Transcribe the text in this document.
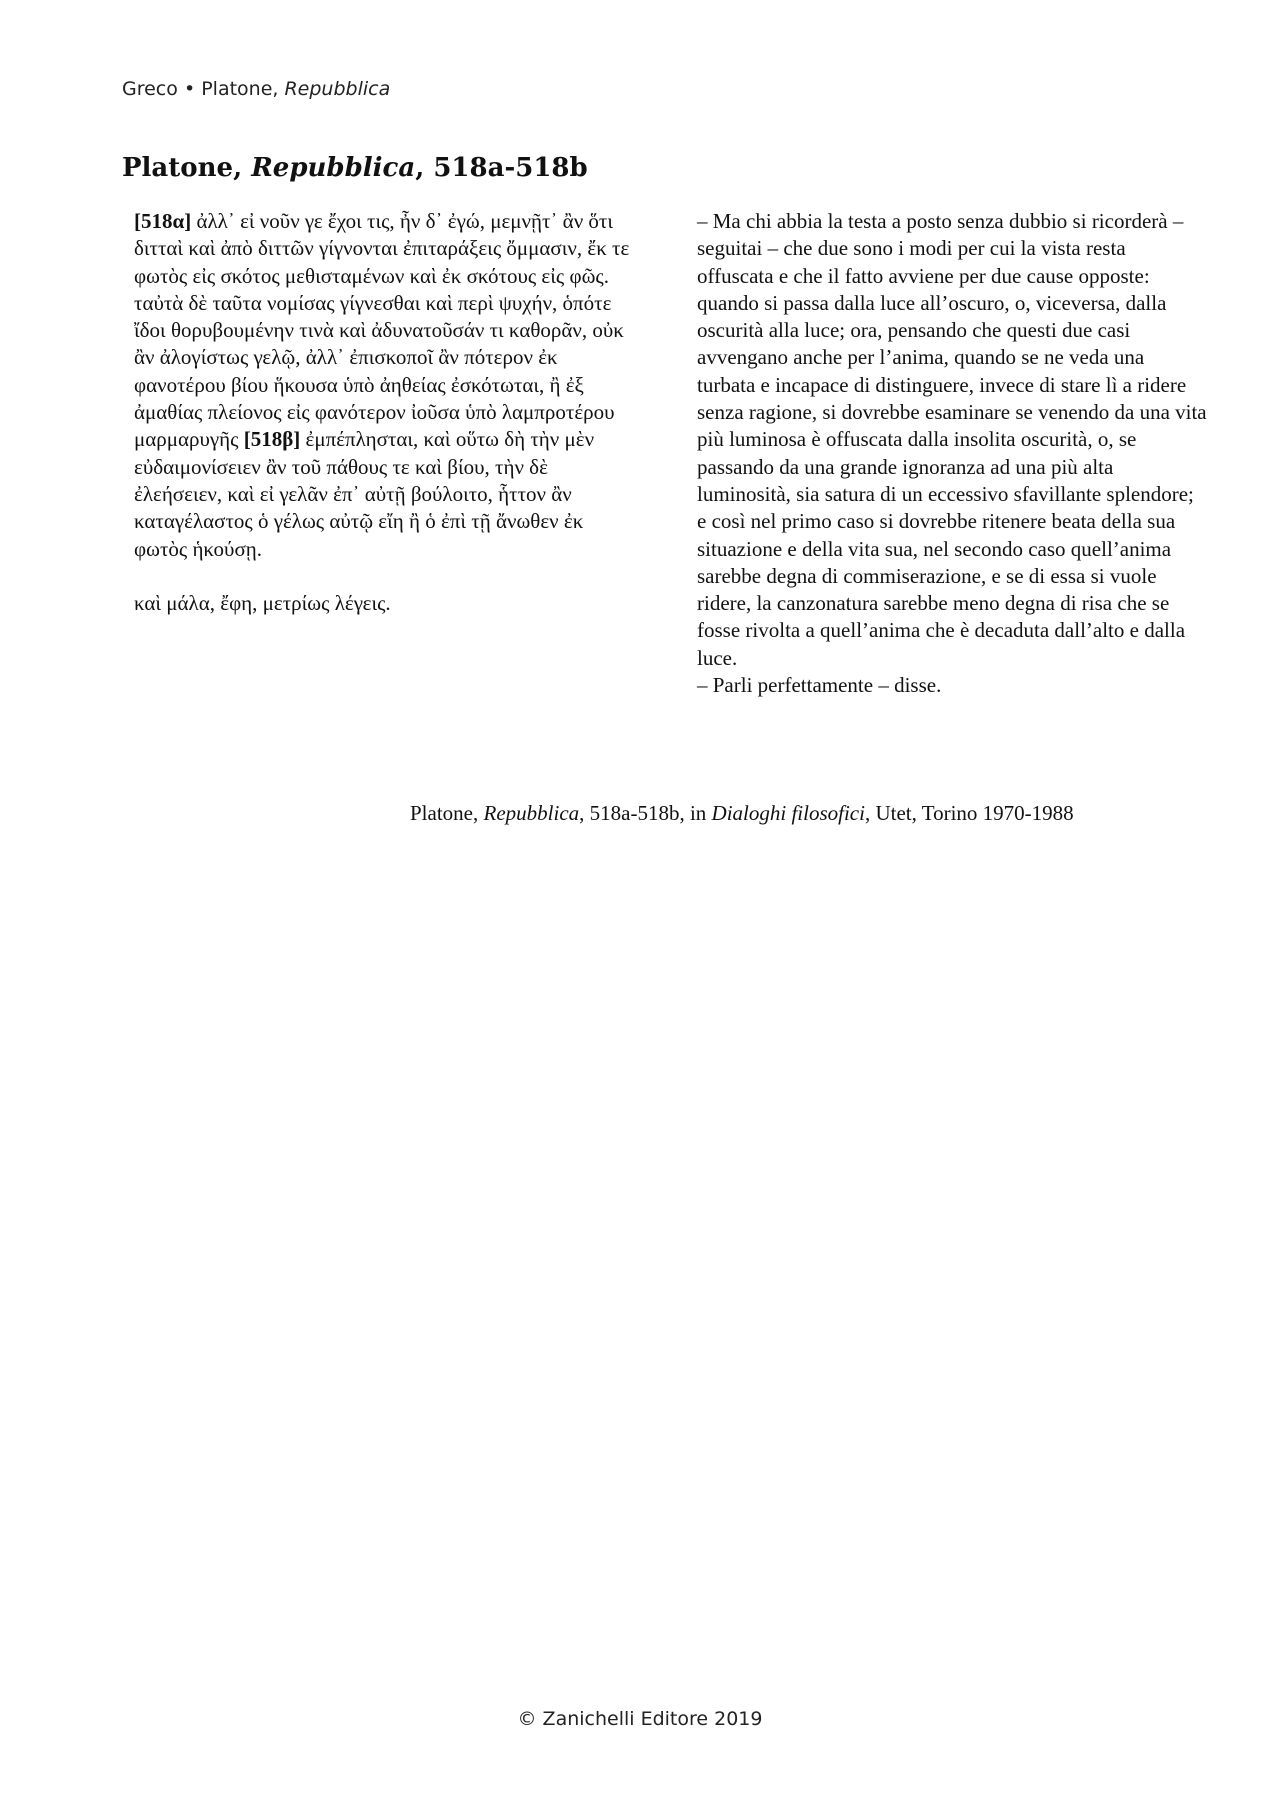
Greco • Platone, Repubblica
Platone, Repubblica, 518a-518b

[518α] ἀλλ᾽ εἰ νοῦν γε ἔχοι τις, ἦν δ᾽ ἐγώ, μεμνῇτ᾽ ἂν ὅτι διτταὶ καὶ ἀπὸ διττῶν γίγνονται ἐπιταράξεις ὄμμασιν, ἔκ τε φωτὸς εἰς σκότος μεθισταμένων καὶ ἐκ σκότους εἰς φῶς. ταὐτὰ δὲ ταῦτα νομίσας γίγνεσθαι καὶ περὶ ψυχήν, ὁπότε ἴδοι θορυβουμένην τινὰ καὶ ἀδυνατοῦσάν τι καθορᾶν, οὐκ ἂν ἀλογίστως γελῷ, ἀλλ᾽ ἐπισκοποῖ ἂν πότερον ἐκ φανοτέρου βίου ἥκουσα ὑπὸ ἀηθείας ἐσκότωται, ἢ ἐξ ἀμαθίας πλείονος εἰς φανότερον ἰοῦσα ὑπὸ λαμπροτέρου μαρμαρυγῆς [518β] ἐμπέπλησται, καὶ οὕτω δὴ τὴν μὲν εὐδαιμονίσειεν ἂν τοῦ πάθους τε καὶ βίου, τὴν δὲ ἐλεήσειεν, καὶ εἰ γελᾶν ἐπ᾽ αὐτῇ βούλοιτο, ἧττον ἂν καταγέλαστος ὁ γέλως αὐτῷ εἴη ἢ ὁ ἐπὶ τῇ ἄνωθεν ἐκ φωτὸς ἡκούσῃ.

καὶ μάλα, ἔφη, μετρίως λέγεις.

– Ma chi abbia la testa a posto senza dubbio si ricorderà – seguitai – che due sono i modi per cui la vista resta offuscata e che il fatto avviene per due cause opposte: quando si passa dalla luce all’oscuro, o, viceversa, dalla oscurità alla luce; ora, pensando che questi due casi avvengano anche per l’anima, quando se ne veda una turbata e incapace di distinguere, invece di stare lì a ridere senza ragione, si dovrebbe esaminare se venendo da una vita più luminosa è offuscata dalla insolita oscurità, o, se passando da una grande ignoranza ad una più alta luminosità, sia satura di un eccessivo sfavillante splendore; e così nel primo caso si dovrebbe ritenere beata della sua situazione e della vita sua, nel secondo caso quell’anima sarebbe degna di commiserazione, e se di essa si vuole ridere, la canzonatura sarebbe meno degna di risa che se fosse rivolta a quell’anima che è decaduta dall’alto e dalla luce.

– Parli perfettamente – disse.

Platone, Repubblica, 518a-518b, in Dialoghi filosofici, Utet, Torino 1970-1988
© Zanichelli Editore 2019
